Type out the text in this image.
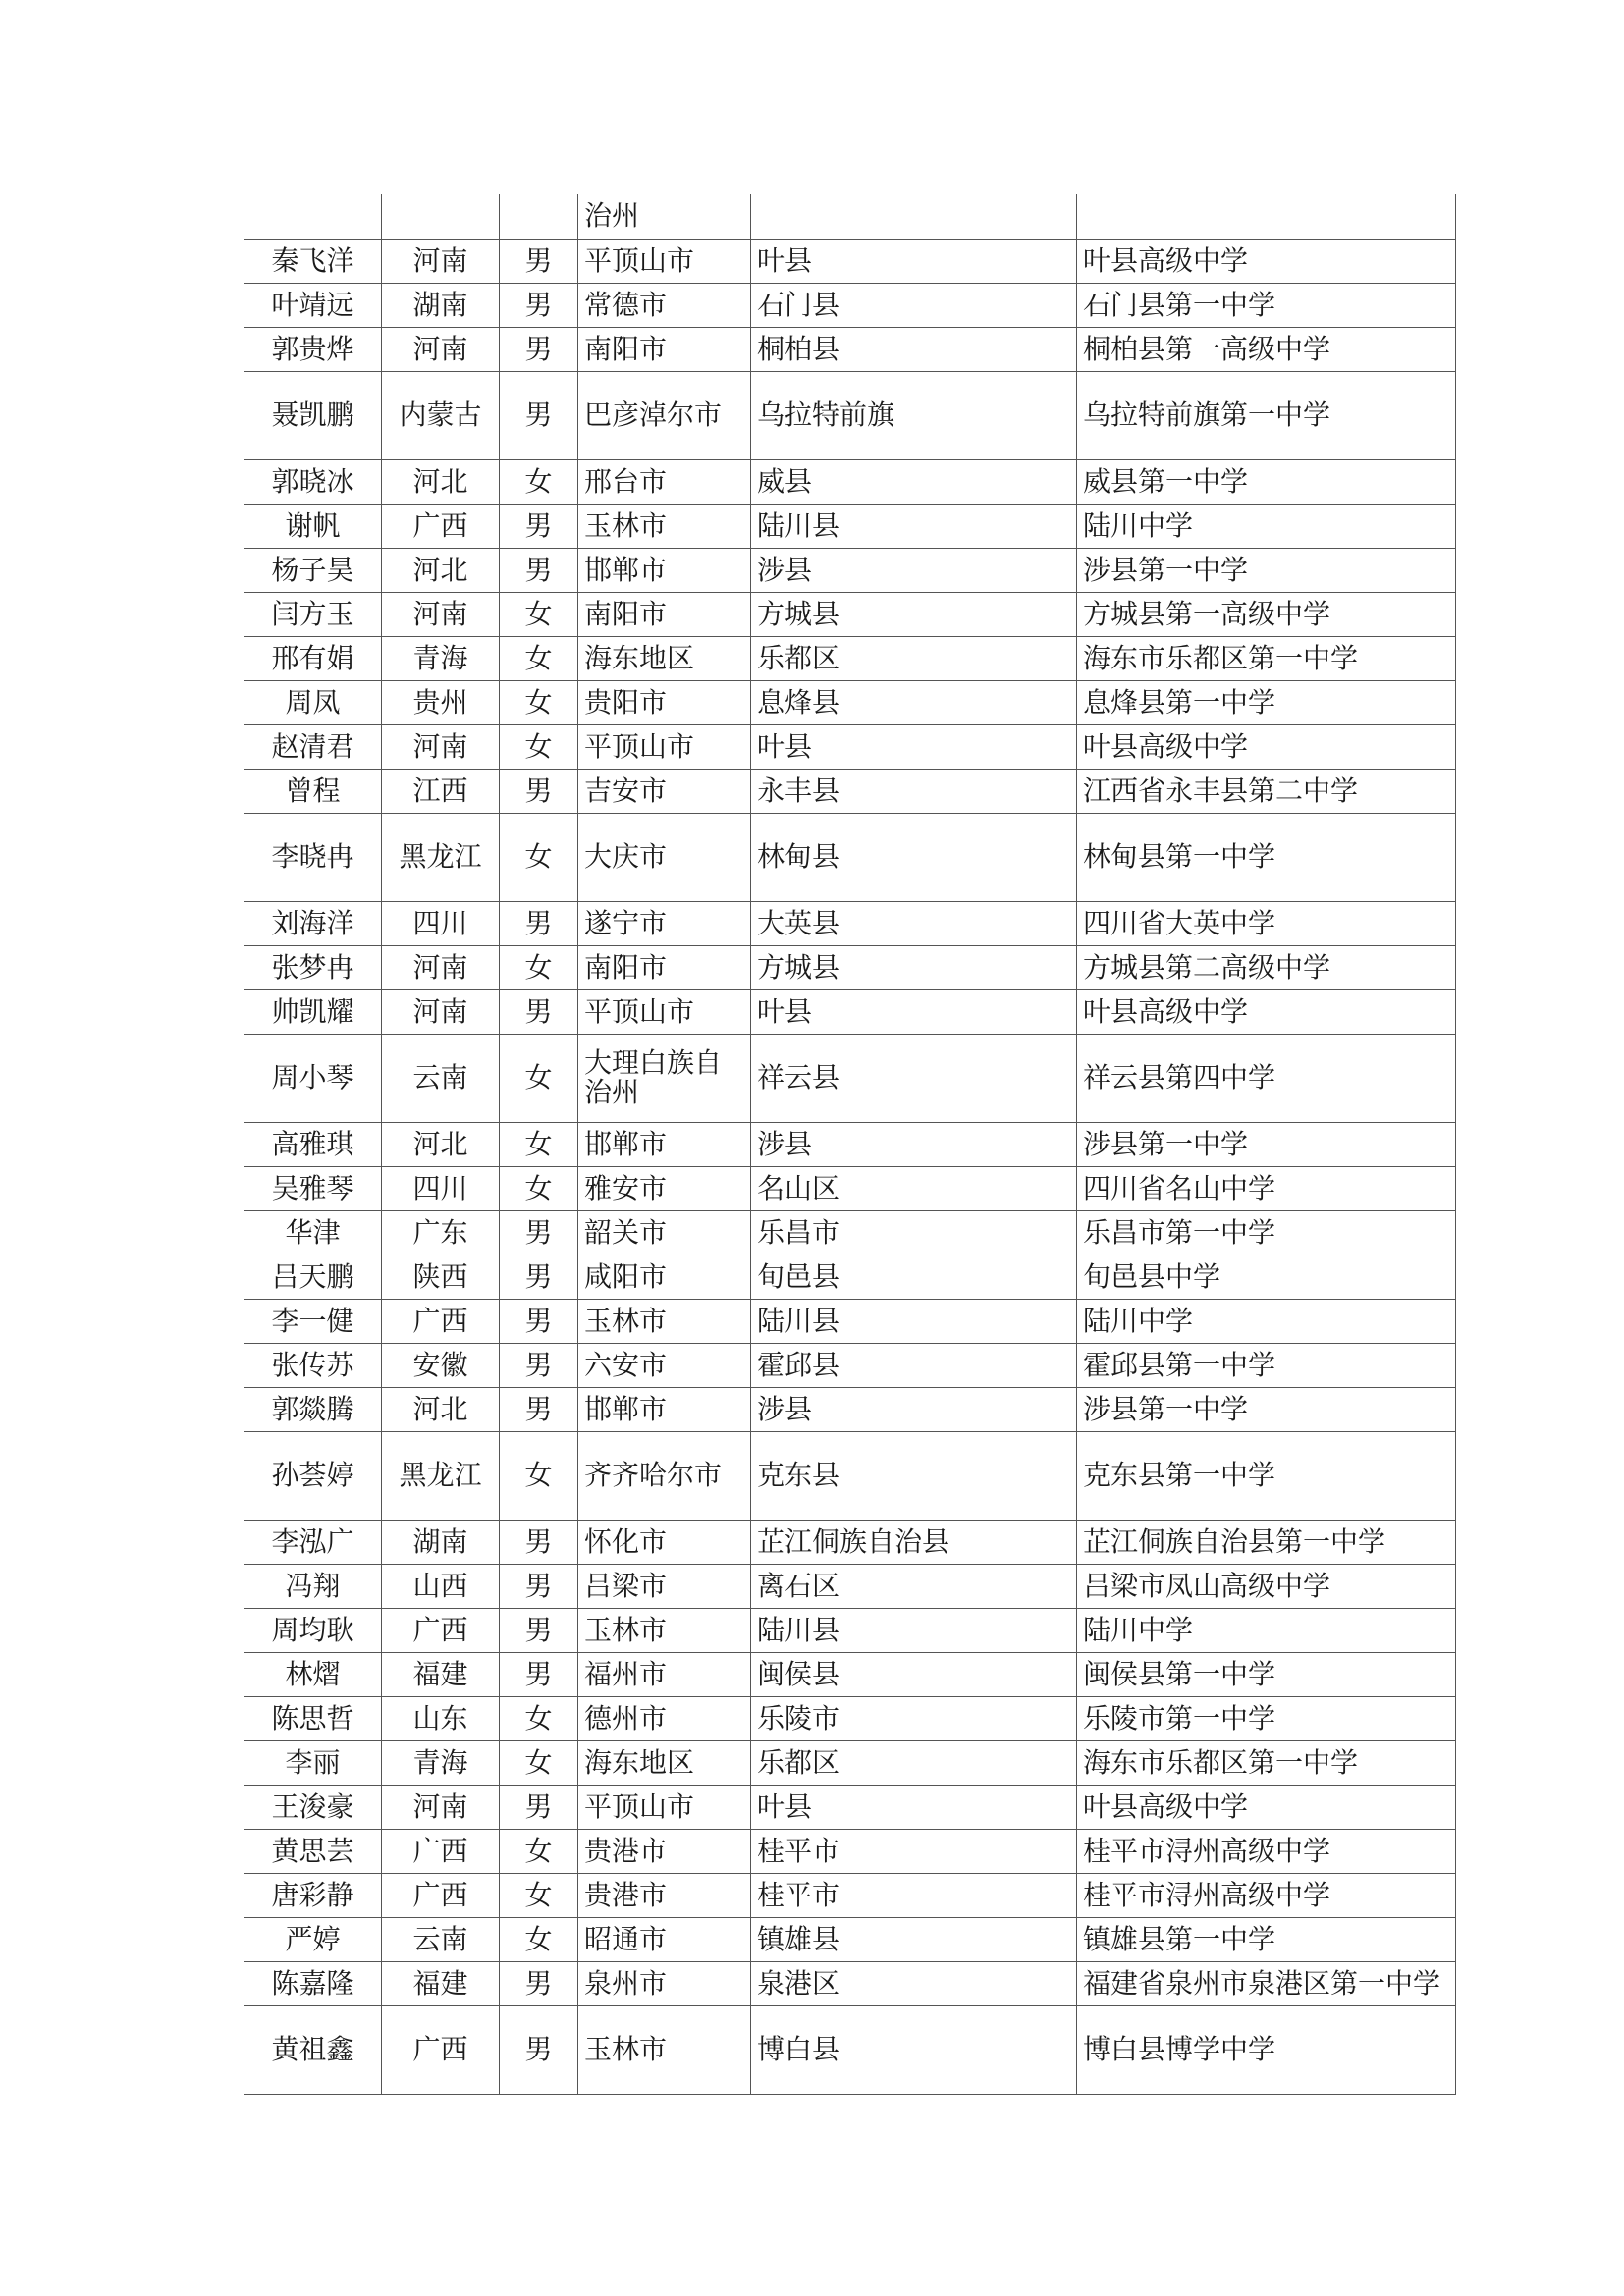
			治州		
秦飞洋	河南	男	平顶山市	叶县	叶县高级中学
叶靖远	湖南	男	常德市	石门县	石门县第一中学
郭贵烨	河南	男	南阳市	桐柏县	桐柏县第一高级中学
聂凯鹏	内蒙古	男	巴彦淖尔市	乌拉特前旗	乌拉特前旗第一中学
郭晓冰	河北	女	邢台市	威县	威县第一中学
谢帆	广西	男	玉林市	陆川县	陆川中学
杨子昊	河北	男	邯郸市	涉县	涉县第一中学
闫方玉	河南	女	南阳市	方城县	方城县第一高级中学
邢有娟	青海	女	海东地区	乐都区	海东市乐都区第一中学
周凤	贵州	女	贵阳市	息烽县	息烽县第一中学
赵清君	河南	女	平顶山市	叶县	叶县高级中学
曾程	江西	男	吉安市	永丰县	江西省永丰县第二中学
李晓冉	黑龙江	女	大庆市	林甸县	林甸县第一中学
刘海洋	四川	男	遂宁市	大英县	四川省大英中学
张梦冉	河南	女	南阳市	方城县	方城县第二高级中学
帅凯耀	河南	男	平顶山市	叶县	叶县高级中学
周小琴	云南	女	大理白族自治州	祥云县	祥云县第四中学
高雅琪	河北	女	邯郸市	涉县	涉县第一中学
吴雅琴	四川	女	雅安市	名山区	四川省名山中学
华津	广东	男	韶关市	乐昌市	乐昌市第一中学
吕天鹏	陕西	男	咸阳市	旬邑县	旬邑县中学
李一健	广西	男	玉林市	陆川县	陆川中学
张传苏	安徽	男	六安市	霍邱县	霍邱县第一中学
郭燚腾	河北	男	邯郸市	涉县	涉县第一中学
孙荟婷	黑龙江	女	齐齐哈尔市	克东县	克东县第一中学
李泓广	湖南	男	怀化市	芷江侗族自治县	芷江侗族自治县第一中学
冯翔	山西	男	吕梁市	离石区	吕梁市凤山高级中学
周均耿	广西	男	玉林市	陆川县	陆川中学
林熠	福建	男	福州市	闽侯县	闽侯县第一中学
陈思哲	山东	女	德州市	乐陵市	乐陵市第一中学
李丽	青海	女	海东地区	乐都区	海东市乐都区第一中学
王浚豪	河南	男	平顶山市	叶县	叶县高级中学
黄思芸	广西	女	贵港市	桂平市	桂平市浔州高级中学
唐彩静	广西	女	贵港市	桂平市	桂平市浔州高级中学
严婷	云南	女	昭通市	镇雄县	镇雄县第一中学
陈嘉隆	福建	男	泉州市	泉港区	福建省泉州市泉港区第一中学
黄祖鑫	广西	男	玉林市	博白县	博白县博学中学
